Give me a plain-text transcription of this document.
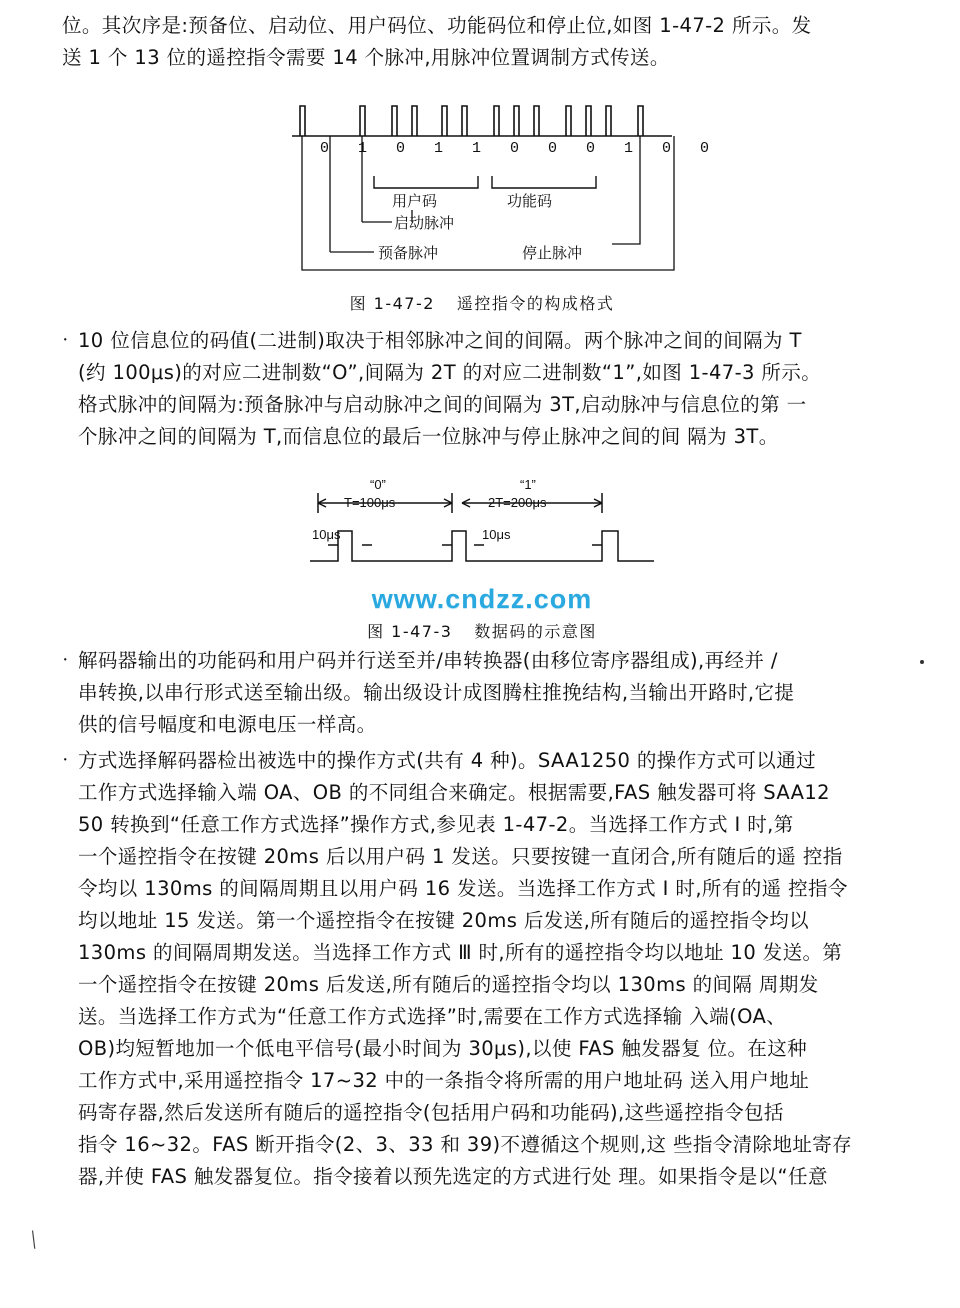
位。其次序是:预备位、启动位、用户码位、功能码位和停止位,如图 1-47-2 所示。发

送 1 个 13 位的遥控指令需要 14 个脉冲,用脉冲位置调制方式传送。

0 1 0 1 1 0 0 0 1 0 0
用户码	功能码
启动脉冲
预备脉冲	停止脉冲
图 1-47-2 遥控指令的构成格式
· 10 位信息位的码值(二进制)取决于相邻脉冲之间的间隔。两个脉冲之间的间隔为 T

(约 100μs)的对应二进制数“O”,间隔为 2T 的对应二进制数“1”,如图 1-47-3 所示。

格式脉冲的间隔为:预备脉冲与启动脉冲之间的间隔为 3T,启动脉冲与信息位的第 一

个脉冲之间的间隔为 T,而信息位的最后一位脉冲与停止脉冲之间的间 隔为 3T。

“0”	“1”
T=100μs	2T=200μs
10μs	10μs
www.cndzz.com
图 1-47-3 数据码的示意图
· 解码器输出的功能码和用户码并行送至并/串转换器(由移位寄序器组成),再经并 /

串转换,以串行形式送至输出级。输出级设计成图腾柱推挽结构,当输出开路时,它提

供的信号幅度和电源电压一样高。

· 方式选择解码器检出被选中的操作方式(共有 4 种)。SAA1250 的操作方式可以通过

工作方式选择输入端 OA、OB 的不同组合来确定。根据需要,FAS 触发器可将 SAA12

50 转换到“任意工作方式选择”操作方式,参见表 1-47-2。当选择工作方式 I 时,第

一个遥控指令在按键 20ms 后以用户码 1 发送。只要按键一直闭合,所有随后的遥 控指

令均以 130ms 的间隔周期且以用户码 16 发送。当选择工作方式 I 时,所有的遥 控指令

均以地址 15 发送。第一个遥控指令在按键 20ms 后发送,所有随后的遥控指令均以

130ms 的间隔周期发送。当选择工作方式 Ⅲ 时,所有的遥控指令均以地址 10 发送。第

一个遥控指令在按键 20ms 后发送,所有随后的遥控指令均以 130ms 的间隔 周期发

送。当选择工作方式为“任意工作方式选择”时,需要在工作方式选择输 入端(OA、

OB)均短暂地加一个低电平信号(最小时间为 30μs),以使 FAS 触发器复 位。在这种

工作方式中,采用遥控指令 17~32 中的一条指令将所需的用户地址码 送入用户地址

码寄存器,然后发送所有随后的遥控指令(包括用户码和功能码),这些遥控指令包括

指令 16~32。FAS 断开指令(2、3、33 和 39)不遵循这个规则,这 些指令清除地址寄存

器,并使 FAS 触发器复位。指令接着以预先选定的方式进行处 理。如果指令是以“任意

\
